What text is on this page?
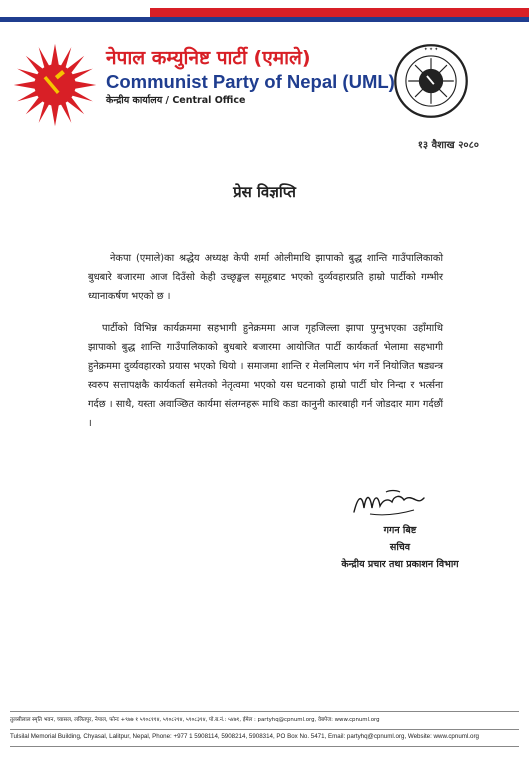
नेपाल कम्युनिष्ट पार्टी (एमाले)
Communist Party of Nepal (UML)
केन्द्रीय कार्यालय / Central Office
✦ ✦ ✦
१३ वैशाख २०८०
प्रेस विज्ञप्ति

नेकपा (एमाले)का श्रद्धेय अध्यक्ष केपी शर्मा ओलीमाथि झापाको बुद्ध शान्ति गाउँपालिकाको बुधबारे बजारमा आज दिउँसो केही उच्छृङ्खल समूहबाट भएको दुर्व्यवहारप्रति हाम्रो पार्टीको गम्भीर ध्यानाकर्षण भएको छ ।

पार्टीको विभिन्न कार्यक्रममा सहभागी हुनेक्रममा आज गृहजिल्ला झापा पुग्नुभएका उहाँमाथि झापाको बुद्ध शान्ति गाउँपालिकाको बुधबारे बजारमा आयोजित पार्टी कार्यकर्ता भेलामा सहभागी हुनेक्रममा दुर्व्यवहारको प्रयास भएको थियो । समाजमा शान्ति र मेलमिलाप भंग गर्ने नियोजित षड्यन्त्र स्वरुप सत्तापक्षकै कार्यकर्ता समेतको नेतृत्वमा भएको यस घटनाको हाम्रो पार्टी घोर निन्दा र भर्त्सना गर्दछ । साथै, यस्ता अवाञ्छित कार्यमा संलग्नहरू माथि कडा कानुनी कारबाही गर्न जोडदार माग गर्दछौं ।

गगन बिष्ट
सचिव
केन्द्रीय प्रचार तथा प्रकाशन विभाग
तुलसीलाल स्मृति भवन, च्यासल, ललितपुर, नेपाल, फोनः +९७७ १ ५९०८११४, ५९०८२१४, ५९०८३१४, पो.ब.नं.: ५४७१, ईमेल : partyhq@cpnuml.org, वेबपेज: www.cpnuml.org
Tulsilal Memorial Building, Chyasal, Lalitpur, Nepal, Phone: +977 1 5908114, 5908214, 5908314, PO Box No. 5471, Email: partyhq@cpnuml.org, Website: www.cpnuml.org
